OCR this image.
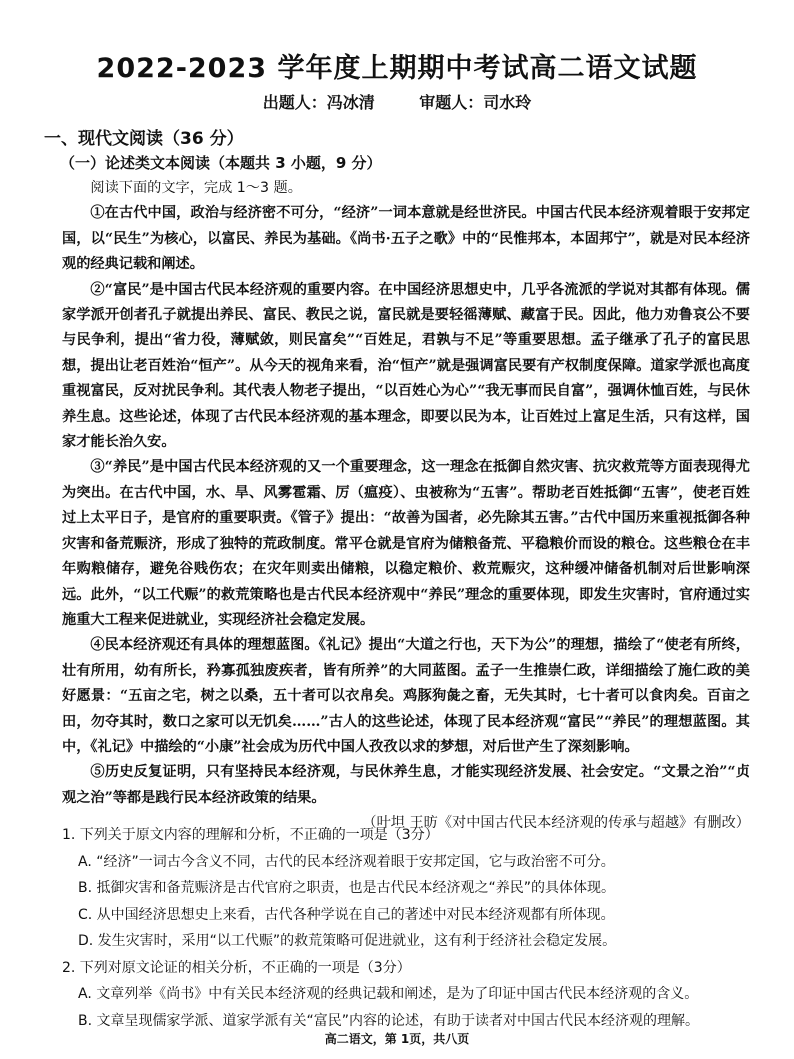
2022-2023 学年度上期期中考试高二语文试题
出题人：冯冰清        审题人：司水玲
一、现代文阅读（36 分）
（一）论述类文本阅读（本题共 3 小题，9 分）

阅读下面的文字，完成 1～3 题。

①在古代中国，政治与经济密不可分，“经济”一词本意就是经世济民。中国古代民本经济观着眼于安邦定国，以“民生”为核心，以富民、养民为基础。《尚书·五子之歌》中的“民惟邦本，本固邦宁”，就是对民本经济观的经典记载和阐述。

②“富民”是中国古代民本经济观的重要内容。在中国经济思想史中，几乎各流派的学说对其都有体现。儒家学派开创者孔子就提出养民、富民、教民之说，富民就是要轻徭薄赋、藏富于民。因此，他力劝鲁哀公不要与民争利，提出“省力役，薄赋敛，则民富矣”“百姓足，君孰与不足”等重要思想。孟子继承了孔子的富民思想，提出让老百姓治“恒产”。从今天的视角来看，治“恒产”就是强调富民要有产权制度保障。道家学派也高度重视富民，反对扰民争利。其代表人物老子提出，“以百姓心为心”“我无事而民自富”，强调休恤百姓，与民休养生息。这些论述，体现了古代民本经济观的基本理念，即要以民为本，让百姓过上富足生活，只有这样，国家才能长治久安。

③“养民”是中国古代民本经济观的又一个重要理念，这一理念在抵御自然灾害、抗灾救荒等方面表现得尤为突出。在古代中国，水、旱、风雾雹霜、厉（瘟疫）、虫被称为“五害”。帮助老百姓抵御“五害”，使老百姓过上太平日子，是官府的重要职责。《管子》提出：“故善为国者，必先除其五害。”古代中国历来重视抵御各种灾害和备荒赈济，形成了独特的荒政制度。常平仓就是官府为储粮备荒、平稳粮价而设的粮仓。这些粮仓在丰年购粮储存，避免谷贱伤农；在灾年则卖出储粮，以稳定粮价、救荒赈灾，这种缓冲储备机制对后世影响深远。此外，“以工代赈”的救荒策略也是古代民本经济观中“养民”理念的重要体现，即发生灾害时，官府通过实施重大工程来促进就业，实现经济社会稳定发展。

④民本经济观还有具体的理想蓝图。《礼记》提出“大道之行也，天下为公”的理想，描绘了“使老有所终，壮有所用，幼有所长，矜寡孤独废疾者，皆有所养”的大同蓝图。孟子一生推崇仁政，详细描绘了施仁政的美好愿景：“五亩之宅，树之以桑，五十者可以衣帛矣。鸡豚狗彘之畜，无失其时，七十者可以食肉矣。百亩之田，勿夺其时，数口之家可以无饥矣……”古人的这些论述，体现了民本经济观“富民”“养民”的理想蓝图。其中，《礼记》中描绘的“小康”社会成为历代中国人孜孜以求的梦想，对后世产生了深刻影响。

⑤历史反复证明，只有坚持民本经济观，与民休养生息，才能实现经济发展、社会安定。“文景之治”“贞观之治”等都是践行民本经济政策的结果。

（叶坦 王昉《对中国古代民本经济观的传承与超越》有删改）

1. 下列关于原文内容的理解和分析，不正确的一项是（3分）

A. “经济”一词古今含义不同，古代的民本经济观着眼于安邦定国，它与政治密不可分。

B. 抵御灾害和备荒赈济是古代官府之职责，也是古代民本经济观之“养民”的具体体现。

C. 从中国经济思想史上来看，古代各种学说在自己的著述中对民本经济观都有所体现。

D. 发生灾害时，采用“以工代赈”的救荒策略可促进就业，这有利于经济社会稳定发展。

2. 下列对原文论证的相关分析，不正确的一项是（3分）

A. 文章列举《尚书》中有关民本经济观的经典记载和阐述，是为了印证中国古代民本经济观的含义。

B. 文章呈现儒家学派、道家学派有关“富民”内容的论述，有助于读者对中国古代民本经济观的理解。

高二语文，第 1页，共八页
